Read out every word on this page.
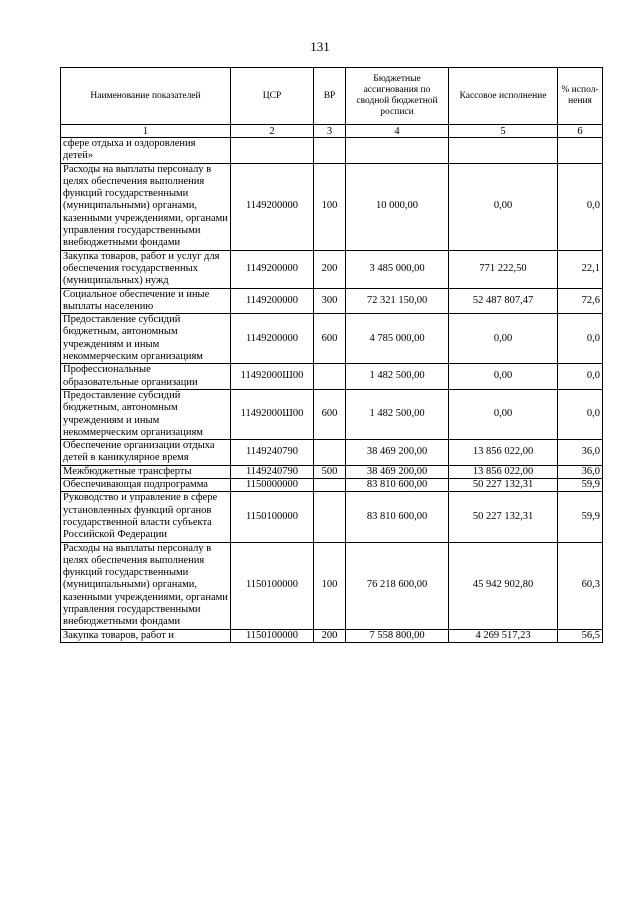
131
Наименование показателей	ЦСР	ВР	Бюджетные ассигнования по сводной бюджетной росписи	Кассовое исполнение	% испол-нения
1	2	3	4	5	6
сфере отдыха и оздоровления детей»					
Расходы на выплаты персоналу в целях обеспечения выполнения функций государственными (муниципальными) органами, казенными учреждениями, органами управления государственными внебюджетными фондами	1149200000	100	10 000,00	0,00	0,0
Закупка товаров, работ и услуг для обеспечения государственных (муниципальных) нужд	1149200000	200	3 485 000,00	771 222,50	22,1
Социальное обеспечение и иные выплаты населению	1149200000	300	72 321 150,00	52 487 807,47	72,6
Предоставление субсидий бюджетным, автономным учреждениям и иным некоммерческим организациям	1149200000	600	4 785 000,00	0,00	0,0
Профессиональные образовательные организации	11492000Ш00		1 482 500,00	0,00	0,0
Предоставление субсидий бюджетным, автономным учреждениям и иным некоммерческим организациям	11492000Ш00	600	1 482 500,00	0,00	0,0
Обеспечение организации отдыха детей в каникулярное время	1149240790		38 469 200,00	13 856 022,00	36,0
Межбюджетные трансферты	1149240790	500	38 469 200,00	13 856 022,00	36,0
Обеспечивающая подпрограмма	1150000000		83 810 600,00	50 227 132,31	59,9
Руководство и управление в сфере установленных функций органов государственной власти субъекта Российской Федерации	1150100000		83 810 600,00	50 227 132,31	59,9
Расходы на выплаты персоналу в целях обеспечения выполнения функций государственными (муниципальными) органами, казенными учреждениями, органами управления государственными внебюджетными фондами	1150100000	100	76 218 600,00	45 942 902,80	60,3
Закупка товаров, работ и	1150100000	200	7 558 800,00	4 269 517,23	56,5
